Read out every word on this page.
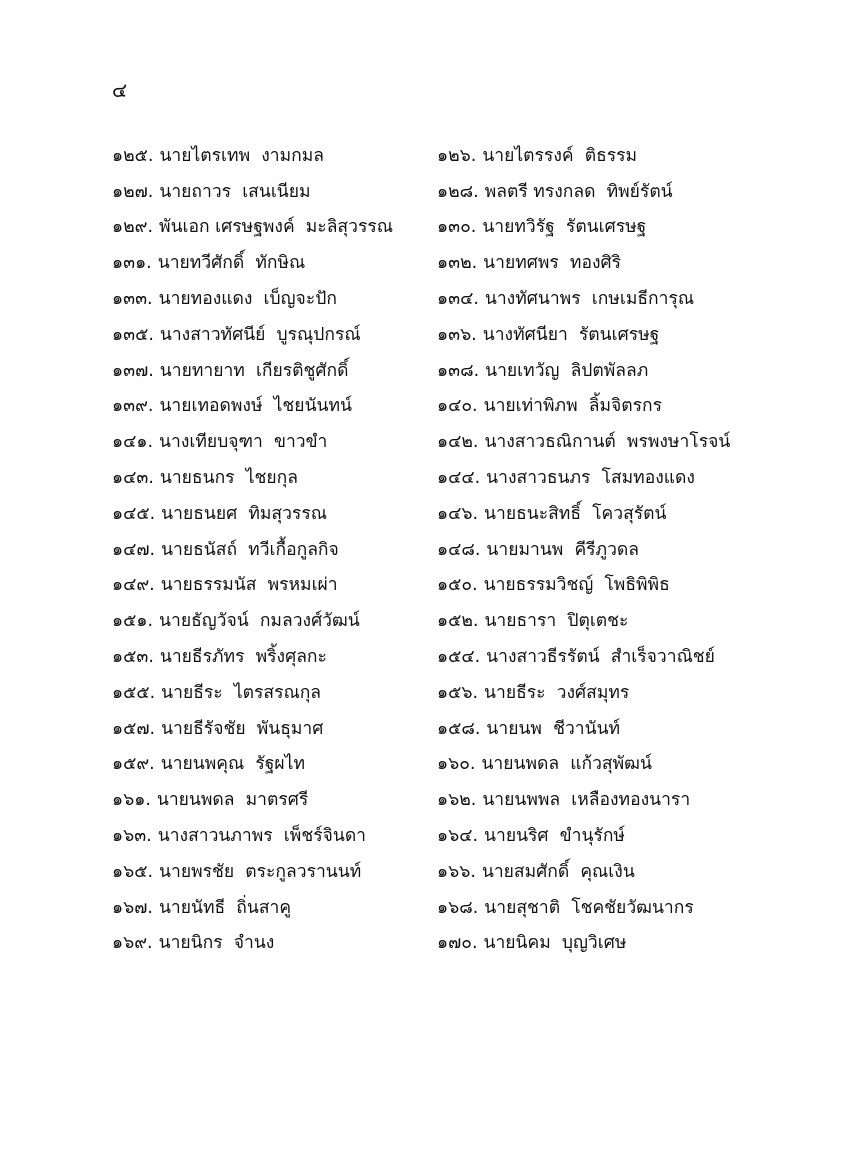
๔
๑๒๕. นายไตรเทพ  งามกมล	๑๒๖. นายไตรรงค์  ติธรรม
๑๒๗. นายถาวร  เสนเนียม	๑๒๘. พลตรี ทรงกลด  ทิพย์รัตน์
๑๒๙. พันเอก เศรษฐพงค์  มะลิสุวรรณ	๑๓๐. นายทวิรัฐ  รัตนเศรษฐ
๑๓๑. นายทวีศักดิ์  ทักษิณ	๑๓๒. นายทศพร  ทองศิริ
๑๓๓. นายทองแดง  เบ็ญจะปัก	๑๓๔. นางทัศนาพร  เกษเมธีการุณ
๑๓๕. นางสาวทัศนีย์  บูรณุปกรณ์	๑๓๖. นางทัศนียา  รัตนเศรษฐ
๑๓๗. นายทายาท  เกียรติชูศักดิ์	๑๓๘. นายเทวัญ  ลิปตพัลลภ
๑๓๙. นายเทอดพงษ์  ไชยนันทน์	๑๔๐. นายเท่าพิภพ  ลิ้มจิตรกร
๑๔๑. นางเทียบจุฑา  ขาวขำ	๑๔๒. นางสาวธณิกานต์  พรพงษาโรจน์
๑๔๓. นายธนกร  ไชยกุล	๑๔๔. นางสาวธนภร  โสมทองแดง
๑๔๕. นายธนยศ  ทิมสุวรรณ	๑๔๖. นายธนะสิทธิ์  โควสุรัตน์
๑๔๗. นายธนัสถ์  ทวีเกื้อกูลกิจ	๑๔๘. นายมานพ  คีรีภูวดล
๑๔๙. นายธรรมนัส  พรหมเผ่า	๑๕๐. นายธรรมวิชญ์  โพธิพิพิธ
๑๕๑. นายธัญวัจน์  กมลวงศ์วัฒน์	๑๕๒. นายธารา  ปิตุเตชะ
๑๕๓. นายธีรภัทร  พริ้งศุลกะ	๑๕๔. นางสาวธีรรัตน์  สำเร็จวาณิชย์
๑๕๕. นายธีระ  ไตรสรณกุล	๑๕๖. นายธีระ  วงศ์สมุทร
๑๕๗. นายธีรัจชัย  พันธุมาศ	๑๕๘. นายนพ  ชีวานันท์
๑๕๙. นายนพคุณ  รัฐผไท	๑๖๐. นายนพดล  แก้วสุพัฒน์
๑๖๑. นายนพดล  มาตรศรี	๑๖๒. นายนพพล  เหลืองทองนารา
๑๖๓. นางสาวนภาพร  เพ็ชร์จินดา	๑๖๔. นายนริศ  ขำนุรักษ์
๑๖๕. นายพรชัย  ตระกูลวรานนท์	๑๖๖. นายสมศักดิ์  คุณเงิน
๑๖๗. นายนัทธี  ถิ่นสาคู	๑๖๘. นายสุชาติ  โชคชัยวัฒนากร
๑๖๙. นายนิกร  จำนง	๑๗๐. นายนิคม  บุญวิเศษ
